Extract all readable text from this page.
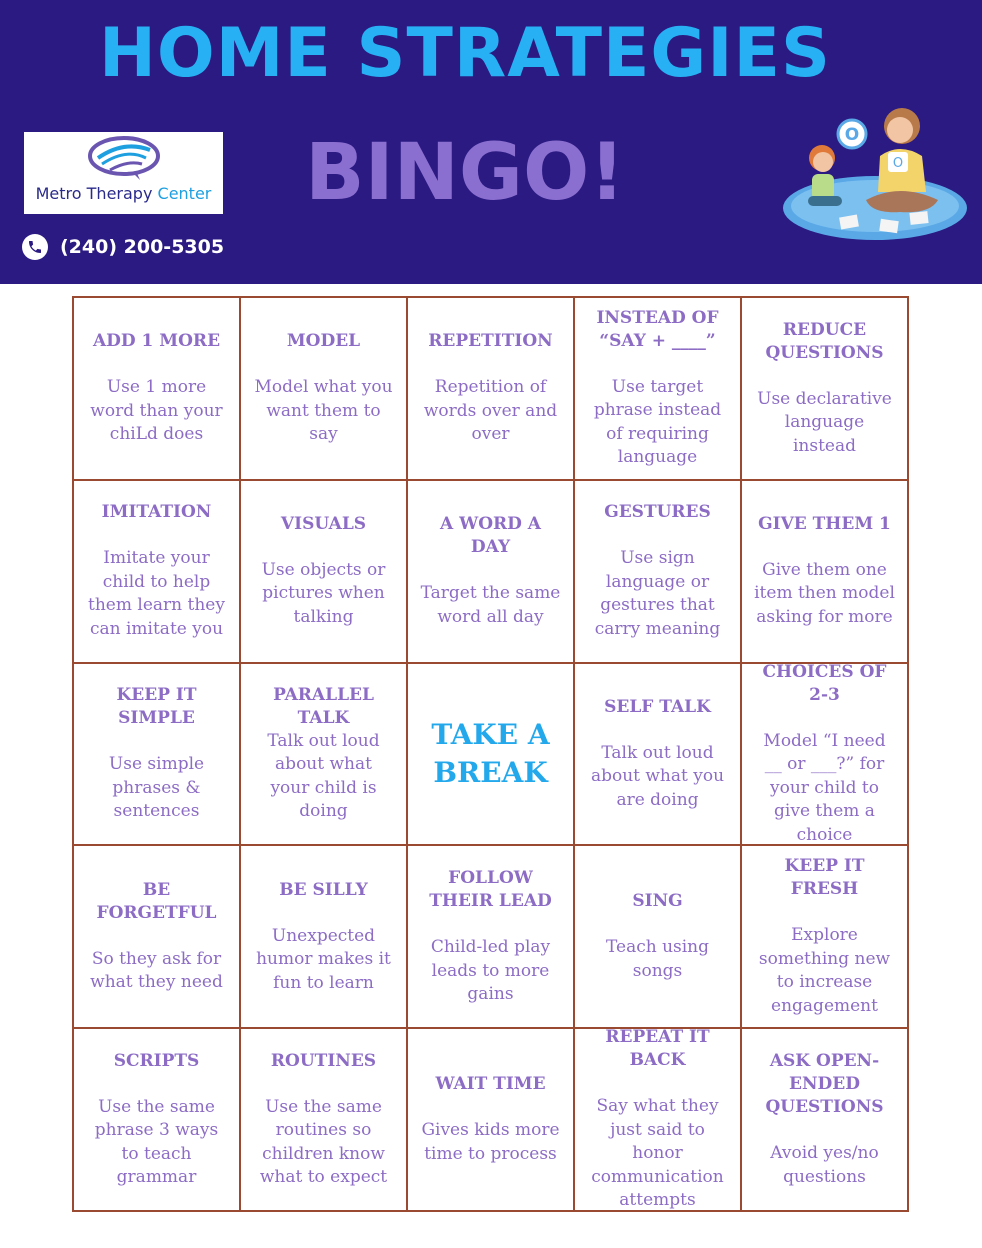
HOME STRATEGIES
BINGO!
Metro Therapy Center
(240) 200-5305
O
O
ADD 1 MORE
Use 1 more word than your chiLd does
MODEL
Model what you want them to say
REPETITION
Repetition of words over and over
INSTEAD OF “SAY + ____”
Use target phrase instead of requiring language
REDUCE QUESTIONS
Use declarative language instead
IMITATION
Imitate your child to help them learn they can imitate you
VISUALS
Use objects or pictures when talking
A WORD A DAY
Target the same word all day
GESTURES
Use sign language or gestures that carry meaning
GIVE THEM 1
Give them one item then model asking for more
KEEP IT SIMPLE
Use simple phrases & sentences
PARALLEL TALK
Talk out loud about what your child is doing
TAKE A BREAK
SELF TALK
Talk out loud about what you are doing
CHOICES OF 2-3
Model “I need __ or ___?” for your child to give them a choice
BE FORGETFUL
So they ask for what they need
BE SILLY
Unexpected humor makes it fun to learn
FOLLOW THEIR LEAD
Child-led play leads to more gains
SING
Teach using songs
KEEP IT FRESH
Explore something new to increase engagement
SCRIPTS
Use the same phrase 3 ways to teach grammar
ROUTINES
Use the same routines so children know what to expect
WAIT TIME
Gives kids more time to process
REPEAT IT BACK
Say what they just said to honor communication attempts
ASK OPEN-ENDED QUESTIONS
Avoid yes/no questions
